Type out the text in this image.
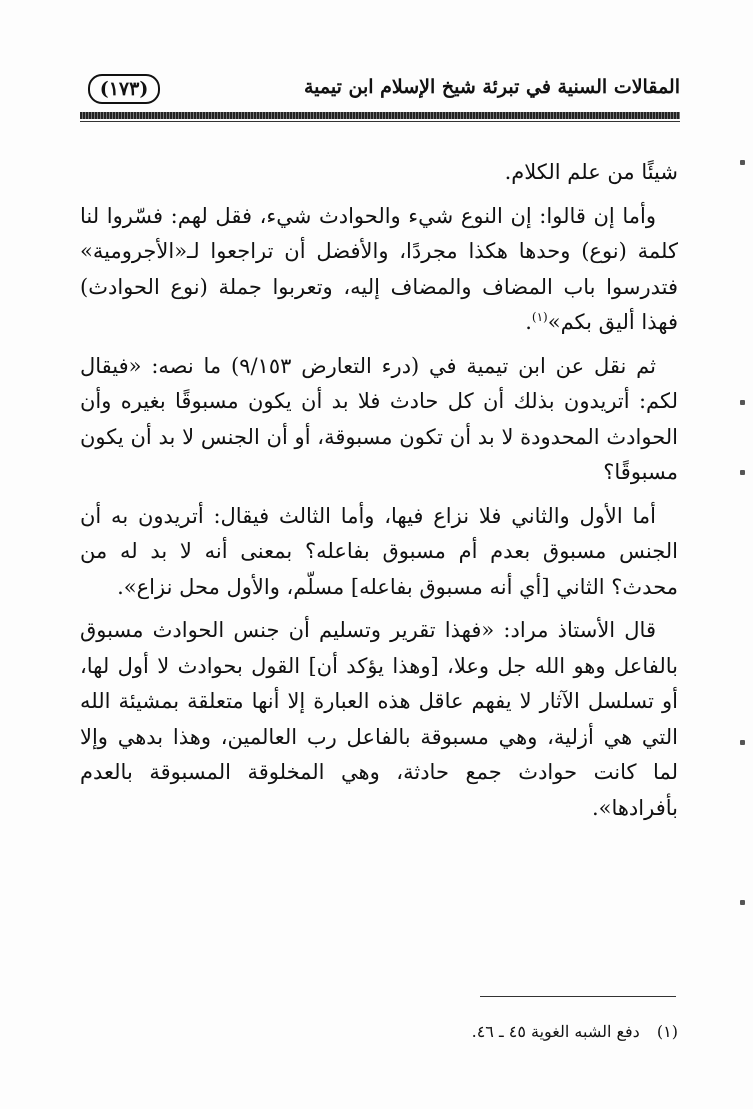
المقالات السنية في تبرئة شيخ الإسلام ابن تيمية
(١٧٣)

شيئًا من علم الكلام.

وأما إن قالوا: إن النوع شيء والحوادث شيء، فقل لهم: فسّروا لنا كلمة (نوع) وحدها هكذا مجردًا، والأفضل أن تراجعوا لـ«الأجرومية» فتدرسوا باب المضاف والمضاف إليه، وتعربوا جملة (نوع الحوادث) فهذا أليق بكم»$^{(١)}$.

ثم نقل عن ابن تيمية في (درء التعارض ٩/١٥٣) ما نصه: «فيقال لكم: أتريدون بذلك أن كل حادث فلا بد أن يكون مسبوقًا بغيره وأن الحوادث المحدودة لا بد أن تكون مسبوقة، أو أن الجنس لا بد أن يكون مسبوقًا؟

أما الأول والثاني فلا نزاع فيها، وأما الثالث فيقال: أتريدون به أن الجنس مسبوق بعدم أم مسبوق بفاعله؟ بمعنى أنه لا بد له من محدث؟ الثاني [أي أنه مسبوق بفاعله] مسلّم، والأول محل نزاع».

قال الأستاذ مراد: «فهذا تقرير وتسليم أن جنس الحوادث مسبوق بالفاعل وهو الله جل وعلا، [وهذا يؤكد أن] القول بحوادث لا أول لها، أو تسلسل الآثار لا يفهم عاقل هذه العبارة إلا أنها متعلقة بمشيئة الله التي هي أزلية، وهي مسبوقة بالفاعل رب العالمين، وهذا بدهي وإلا لما كانت حوادث جمع حادثة، وهي المخلوقة المسبوقة بالعدم بأفرادها».

(١) دفع الشبه الغوية ٤٥ ـ ٤٦.
